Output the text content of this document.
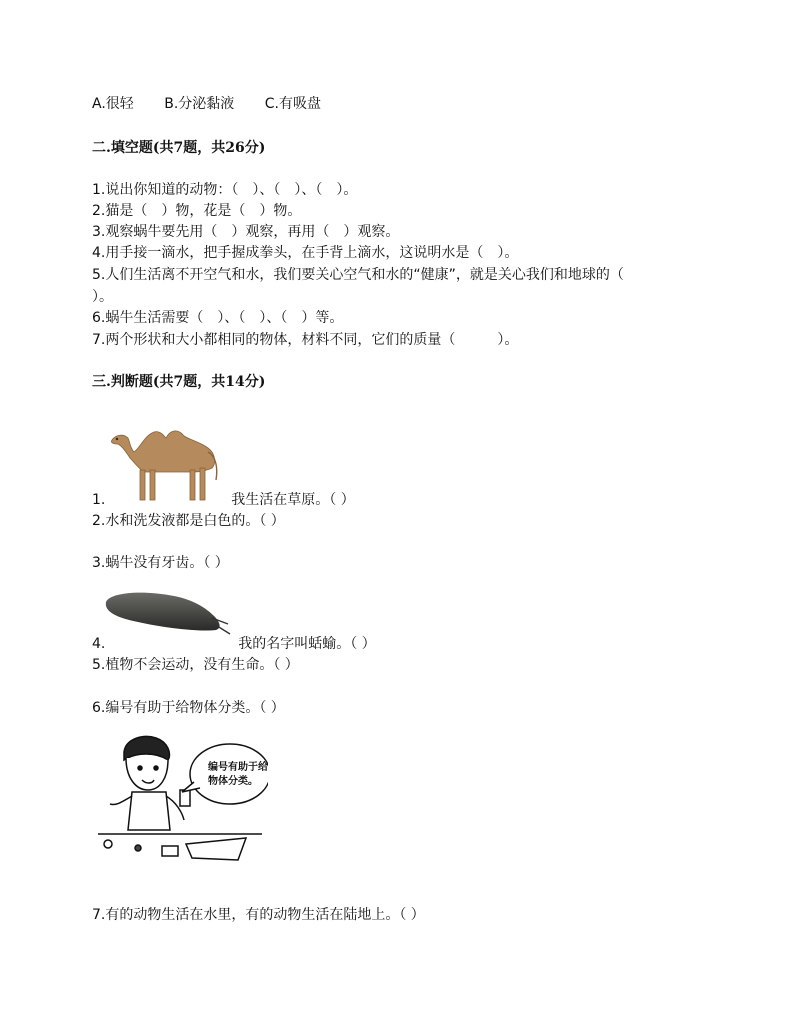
A.很轻 B.分泌黏液 C.有吸盘
二.填空题(共7题，共26分)
1.说出你知道的动物：（　）、（　）、（　）。
2.猫是（　）物，花是（　）物。
3.观察蜗牛要先用（　）观察，再用（　）观察。
4.用手接一滴水，把手握成拳头，在手背上滴水，这说明水是（　）。
5.人们生活离不开空气和水，我们要关心空气和水的“健康”，就是关心我们和地球的（
）。
6.蜗牛生活需要（　）、（　）、（　）等。
7.两个形状和大小都相同的物体，材料不同，它们的质量（　　　）。
三.判断题(共7题，共14分)
1.	我生活在草原。（ ）
2.水和洗发液都是白色的。（ ）
3.蜗牛没有牙齿。（ ）
4.	我的名字叫蛞蝓。（ ）
5.植物不会运动，没有生命。（ ）
6.编号有助于给物体分类。（ ）
编号有助于给
物体分类。
7.有的动物生活在水里，有的动物生活在陆地上。（ ）
